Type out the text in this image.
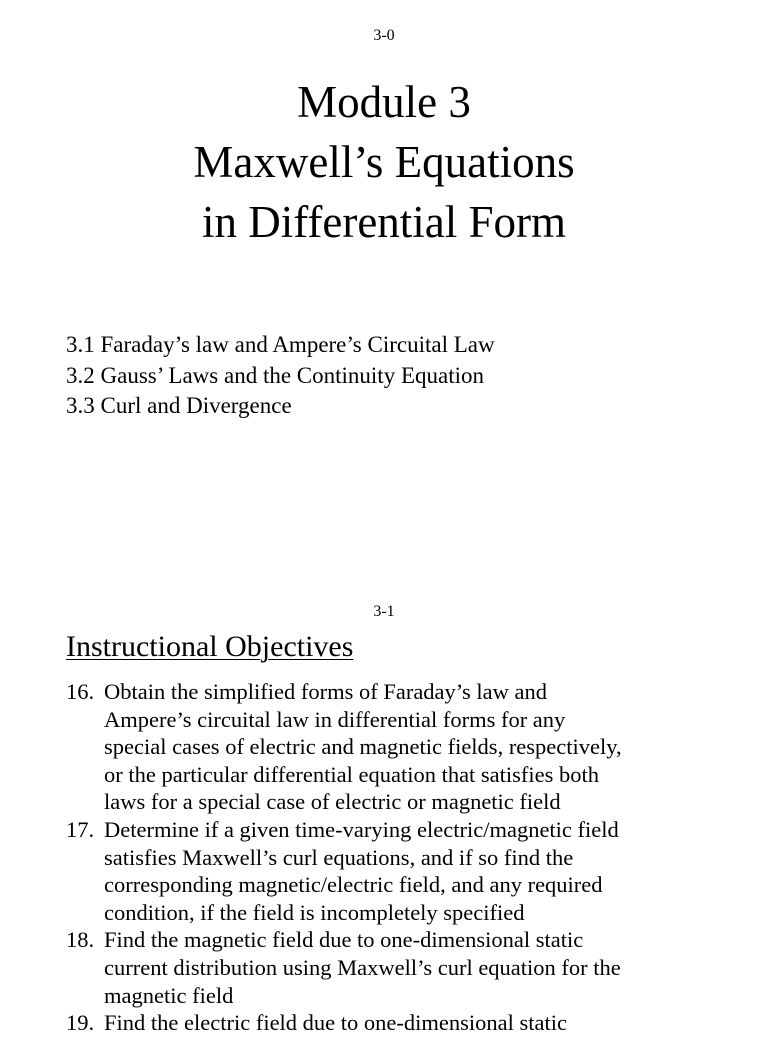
3-0
Module 3
Maxwell’s Equations
in Differential Form
3.1 Faraday’s law and Ampere’s Circuital Law
3.2 Gauss’ Laws and the Continuity Equation
3.3 Curl and Divergence
3-1
Instructional Objectives
16. Obtain the simplified forms of Faraday’s law and
Ampere’s circuital law in differential forms for any
special cases of electric and magnetic fields, respectively,
or the particular differential equation that satisfies both
laws for a special case of electric or magnetic field
17. Determine if a given time-varying electric/magnetic field
satisfies Maxwell’s curl equations, and if so find the
corresponding magnetic/electric field, and any required
condition, if the field is incompletely specified
18. Find the magnetic field due to one-dimensional static
current distribution using Maxwell’s curl equation for the
magnetic field
19. Find the electric field due to one-dimensional static
